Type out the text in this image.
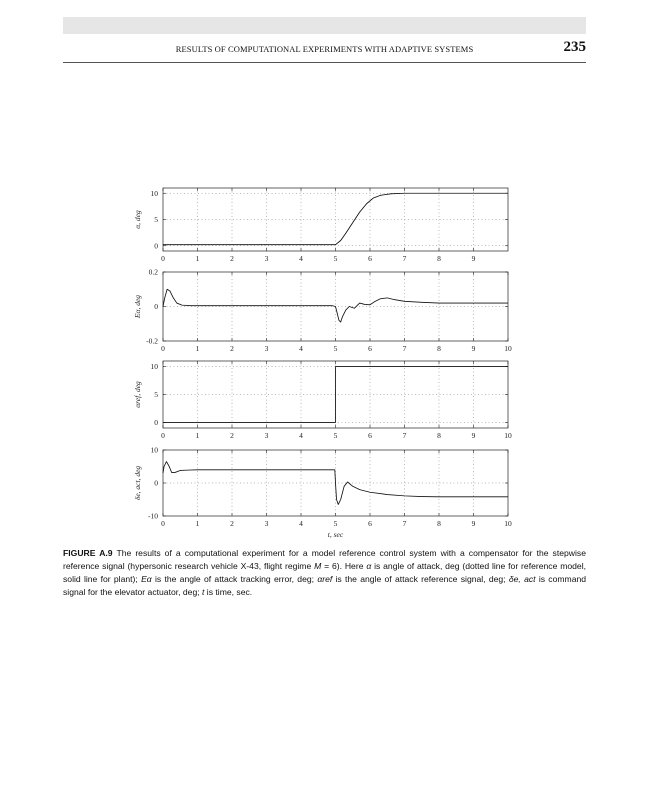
RESULTS OF COMPUTATIONAL EXPERIMENTS WITH ADAPTIVE SYSTEMS	235
0	1	2	3	4	5	6	7	8	9
0
5
10
α, deg
0	1	2	3	4	5	6	7	8	9	10
-0.2
0
0.2
Eα, deg
0	1	2	3	4	5	6	7	8	9	10
0
5
10
αref, deg
0	1	2	3	4	5	6	7	8	9	10
-10
0
10
δe, act, deg
t, sec
FIGURE A.9 The results of a computational experiment for a model reference control system with a compensator for the stepwise reference signal (hypersonic research vehicle X-43, flight regime M = 6). Here α is angle of attack, deg (dotted line for reference model, solid line for plant); Eα is the angle of attack tracking error, deg; αref is the angle of attack reference signal, deg; δe, act is command signal for the elevator actuator, deg; t is time, sec.
